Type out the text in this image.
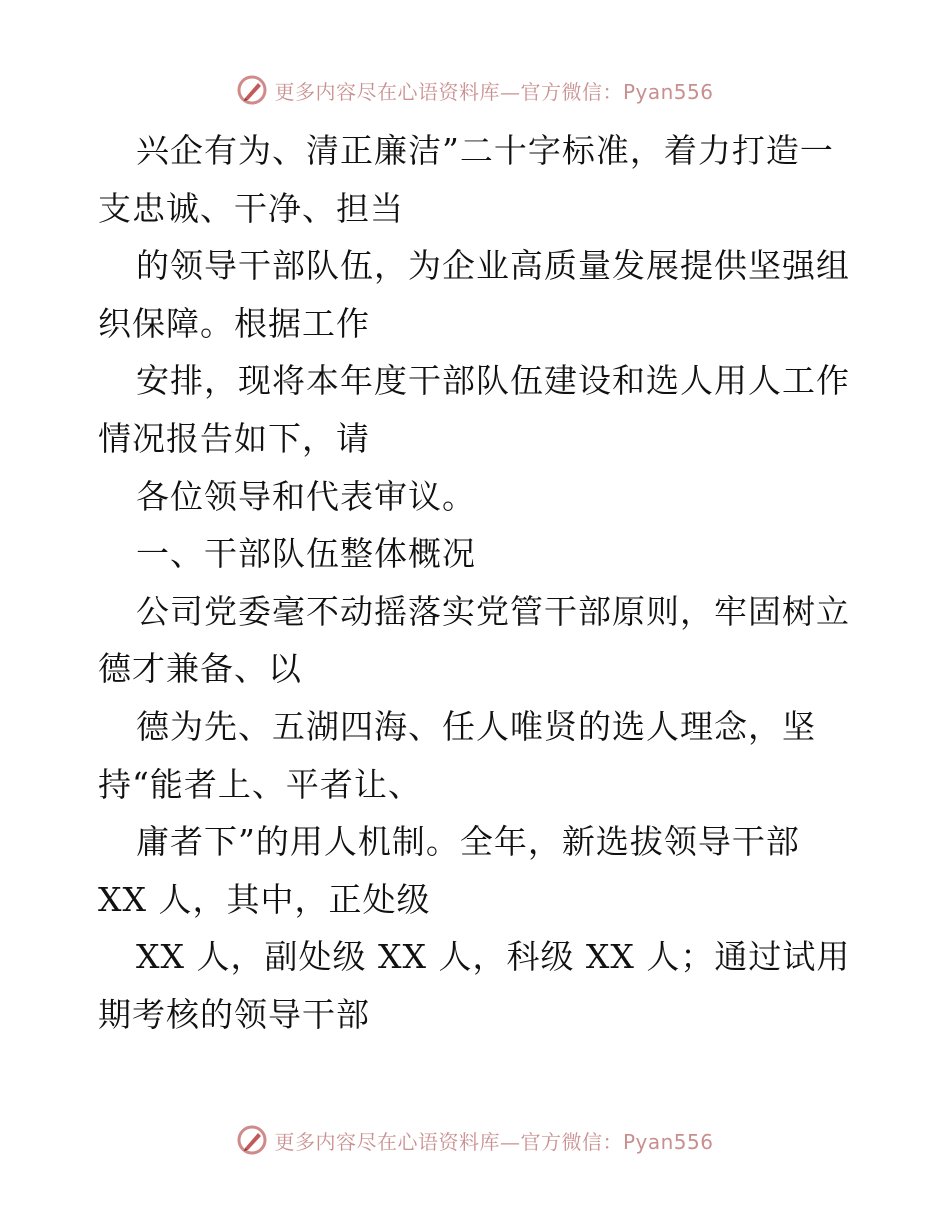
更多内容尽在心语资料库—官方微信：Pyan556
兴企有为、清正廉洁”二十字标准，着力打造一
支忠诚、干净、担当
的领导干部队伍，为企业高质量发展提供坚强组
织保障。根据工作
安排，现将本年度干部队伍建设和选人用人工作
情况报告如下，请
各位领导和代表审议。
一、干部队伍整体概况
公司党委毫不动摇落实党管干部原则，牢固树立
德才兼备、以
德为先、五湖四海、任人唯贤的选人理念，坚
持“能者上、平者让、
庸者下”的用人机制。全年，新选拔领导干部
XX 人，其中，正处级
XX 人，副处级 XX 人，科级 XX 人；通过试用
期考核的领导干部
更多内容尽在心语资料库—官方微信：Pyan556
